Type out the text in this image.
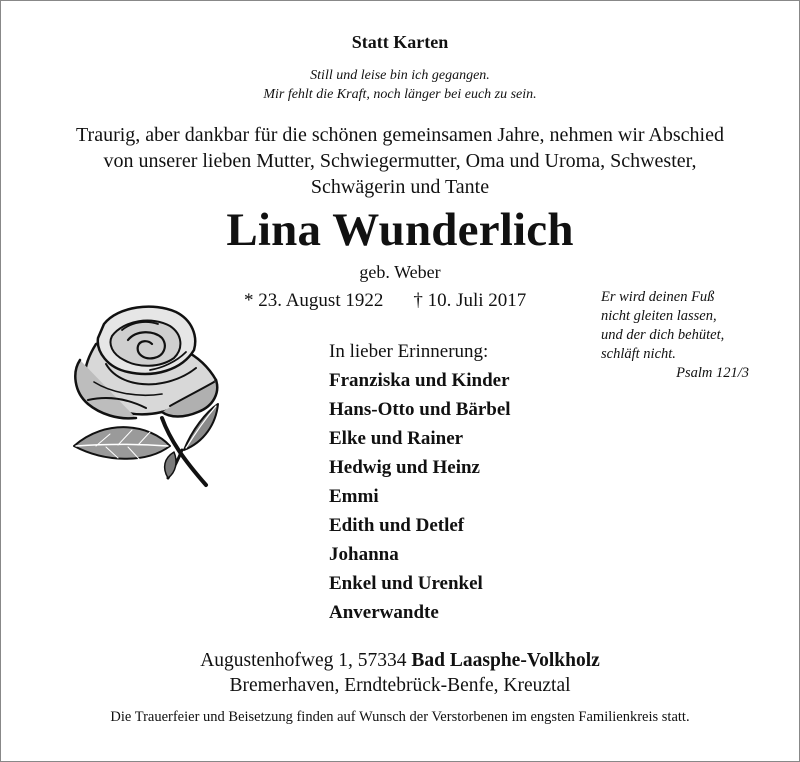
Statt Karten
Still und leise bin ich gegangen.
Mir fehlt die Kraft, noch länger bei euch zu sein.
Traurig, aber dankbar für die schönen gemeinsamen Jahre, nehmen wir Abschied
von unserer lieben Mutter, Schwiegermutter, Oma und Uroma, Schwester,
Schwägerin und Tante
Lina Wunderlich
geb. Weber
* 23. August 1922 † 10. Juli 2017	Er wird deinen Fuß
nicht gleiten lassen,
und der dich behütet,
schläft nicht.
Psalm 121/3
In lieber Erinnerung:
Franziska und Kinder
Hans-Otto und Bärbel
Elke und Rainer
Hedwig und Heinz
Emmi
Edith und Detlef
Johanna
Enkel und Urenkel
Anverwandte
Augustenhofweg 1, 57334 Bad Laasphe-Volkholz
Bremerhaven, Erndtebrück-Benfe, Kreuztal
Die Trauerfeier und Beisetzung finden auf Wunsch der Verstorbenen im engsten Familienkreis statt.
